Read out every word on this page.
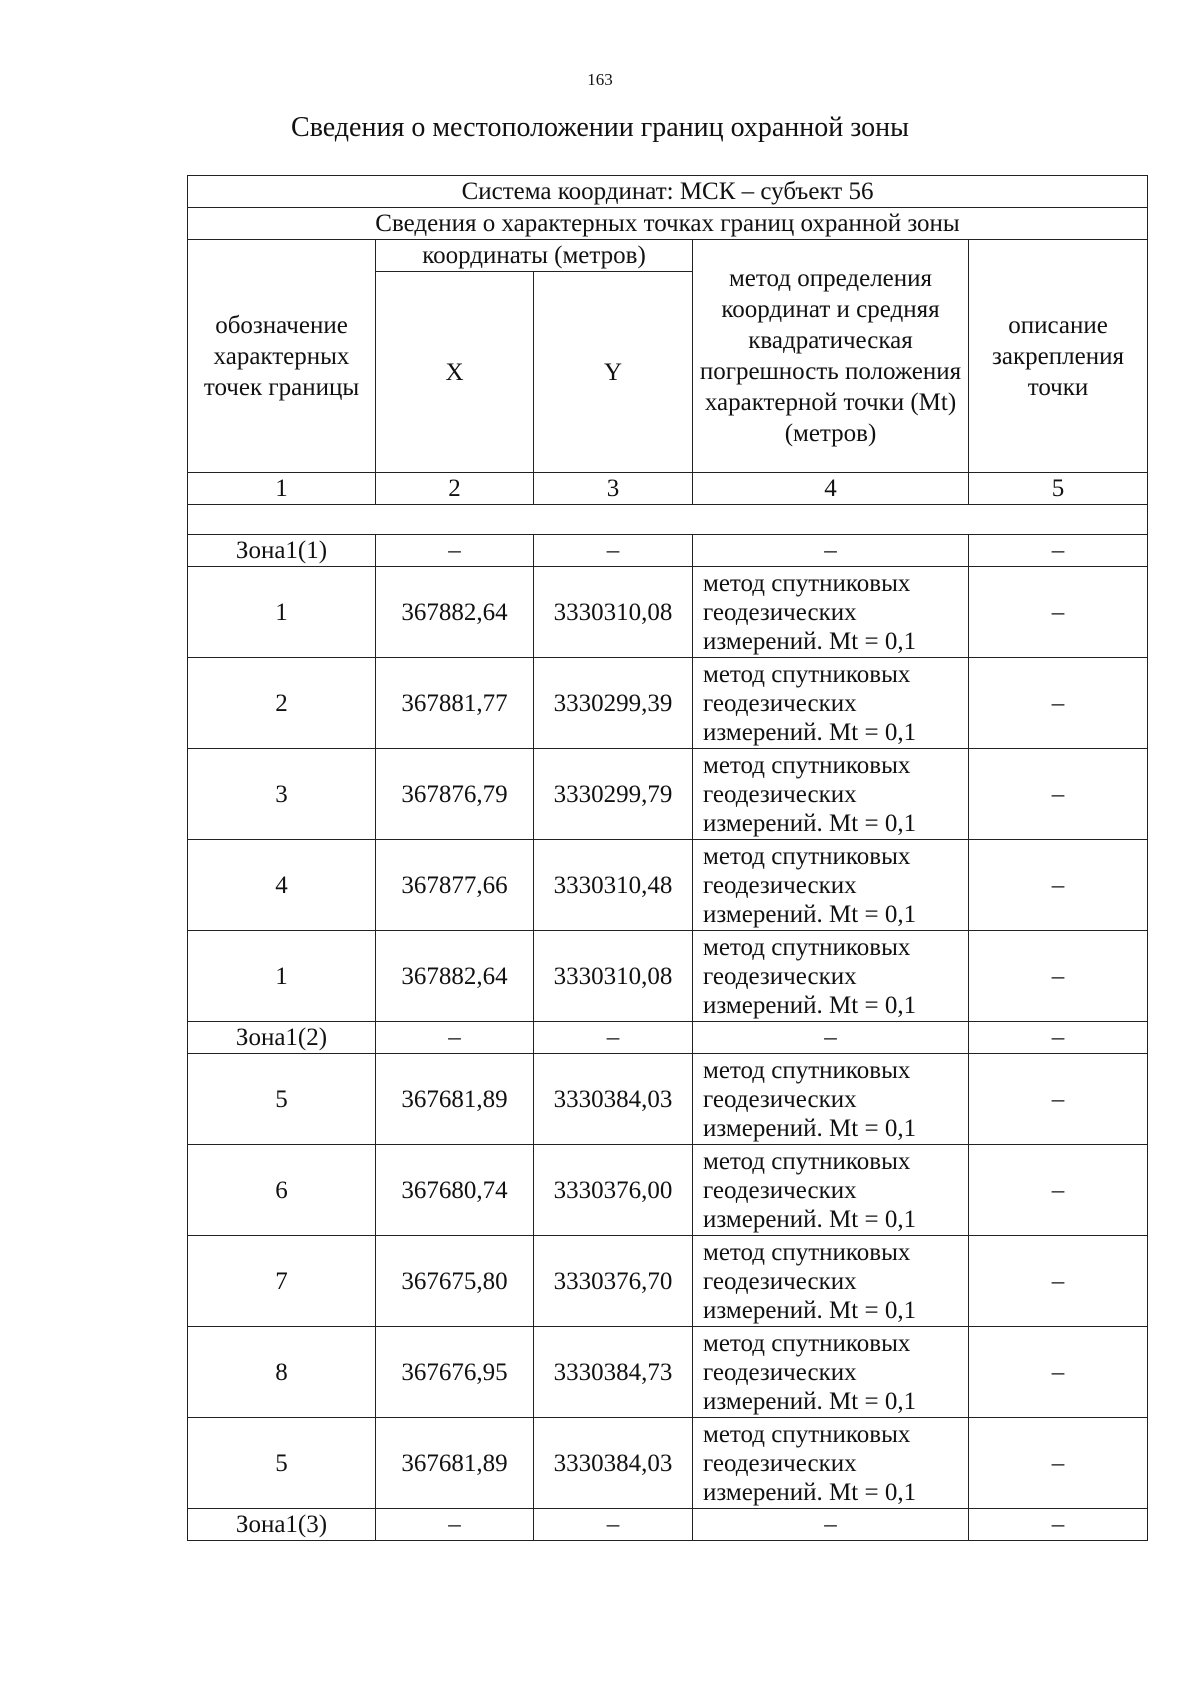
163
Сведения о местоположении границ охранной зоны
Система координат: МСК – субъект 56				
Сведения о характерных точках границ охранной зоны				
обозначение характерных точек границы	координаты (метров)		метод определения координат и средняя квадратическая погрешность положения характерной точки (Mt) (метров)	описание закрепления точки
	X	Y		
1	2	3	4	5

Зона1(1)	–	–	–	–
1	367882,64	3330310,08	метод спутниковых геодезических измерений. Mt = 0,1	–
2	367881,77	3330299,39	метод спутниковых геодезических измерений. Mt = 0,1	–
3	367876,79	3330299,79	метод спутниковых геодезических измерений. Mt = 0,1	–
4	367877,66	3330310,48	метод спутниковых геодезических измерений. Mt = 0,1	–
1	367882,64	3330310,08	метод спутниковых геодезических измерений. Mt = 0,1	–
Зона1(2)	–	–	–	–
5	367681,89	3330384,03	метод спутниковых геодезических измерений. Mt = 0,1	–
6	367680,74	3330376,00	метод спутниковых геодезических измерений. Mt = 0,1	–
7	367675,80	3330376,70	метод спутниковых геодезических измерений. Mt = 0,1	–
8	367676,95	3330384,73	метод спутниковых геодезических измерений. Mt = 0,1	–
5	367681,89	3330384,03	метод спутниковых геодезических измерений. Mt = 0,1	–
Зона1(3)	–	–	–	–
